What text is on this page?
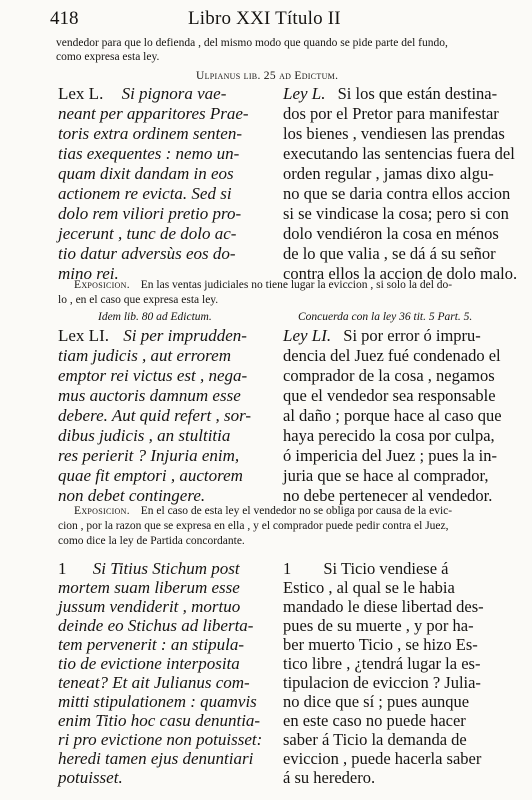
418	Libro XXI Título II
vendedor para que lo defienda , del mismo modo que quando se pide parte del fundo,
como expresa esta ley.
Ulpianus lib. 25 ad Edictum.
Lex L. Si pignora vae-
neant per apparitores Prae-
toris extra ordinem senten-
tias exequentes : nemo un-
quam dixit dandam in eos
actionem re evicta. Sed si
dolo rem viliori pretio pro-
jecerunt , tunc de dolo ac-
tio datur adversùs eos do-
mino rei.
Ley L. Si los que están destina-
dos por el Pretor para manifestar
los bienes , vendiesen las prendas
executando las sentencias fuera del
orden regular , jamas dixo algu-
no que se daria contra ellos accion
si se vindicase la cosa; pero si con
dolo vendiéron la cosa en ménos
de lo que valia , se dá á su señor
contra ellos la accion de dolo malo.
Exposicion. En las ventas judiciales no tiene lugar la eviccion , si solo la del do-
lo , en el caso que expresa esta ley.
Idem lib. 80 ad Edictum.	Concuerda con la ley 36 tit. 5 Part. 5.
Lex LI. Si per imprudden-
tiam judicis , aut errorem
emptor rei victus est , nega-
mus auctoris damnum esse
debere. Aut quid refert , sor-
dibus judicis , an stultitia
res perierit ? Injuria enim,
quae fit emptori , auctorem
non debet contingere.
Ley LI. Si por error ó impru-
dencia del Juez fué condenado el
comprador de la cosa , negamos
que el vendedor sea responsable
al daño ; porque hace al caso que
haya perecido la cosa por culpa,
ó impericia del Juez ; pues la in-
juria que se hace al comprador,
no debe pertenecer al vendedor.
Exposicion. En el caso de esta ley el vendedor no se obliga por causa de la evic-
cion , por la razon que se expresa en ella , y el comprador puede pedir contra el Juez,
como dice la ley de Partida concordante.
1 Si Titius Stichum post
mortem suam liberum esse
jussum vendiderit , mortuo
deinde eo Stichus ad liberta-
tem pervenerit : an stipula-
tio de evictione interposita
teneat? Et ait Julianus com-
mitti stipulationem : quamvis
enim Titio hoc casu denuntia-
ri pro evictione non potuisset:
heredi tamen ejus denuntiari
potuisset.
1 Si Ticio vendiese á
Estico , al qual se le habia
mandado le diese libertad des-
pues de su muerte , y por ha-
ber muerto Ticio , se hizo Es-
tico libre , ¿tendrá lugar la es-
tipulacion de eviccion ? Julia-
no dice que sí ; pues aunque
en este caso no puede hacer
saber á Ticio la demanda de
eviccion , puede hacerla saber
á su heredero.
